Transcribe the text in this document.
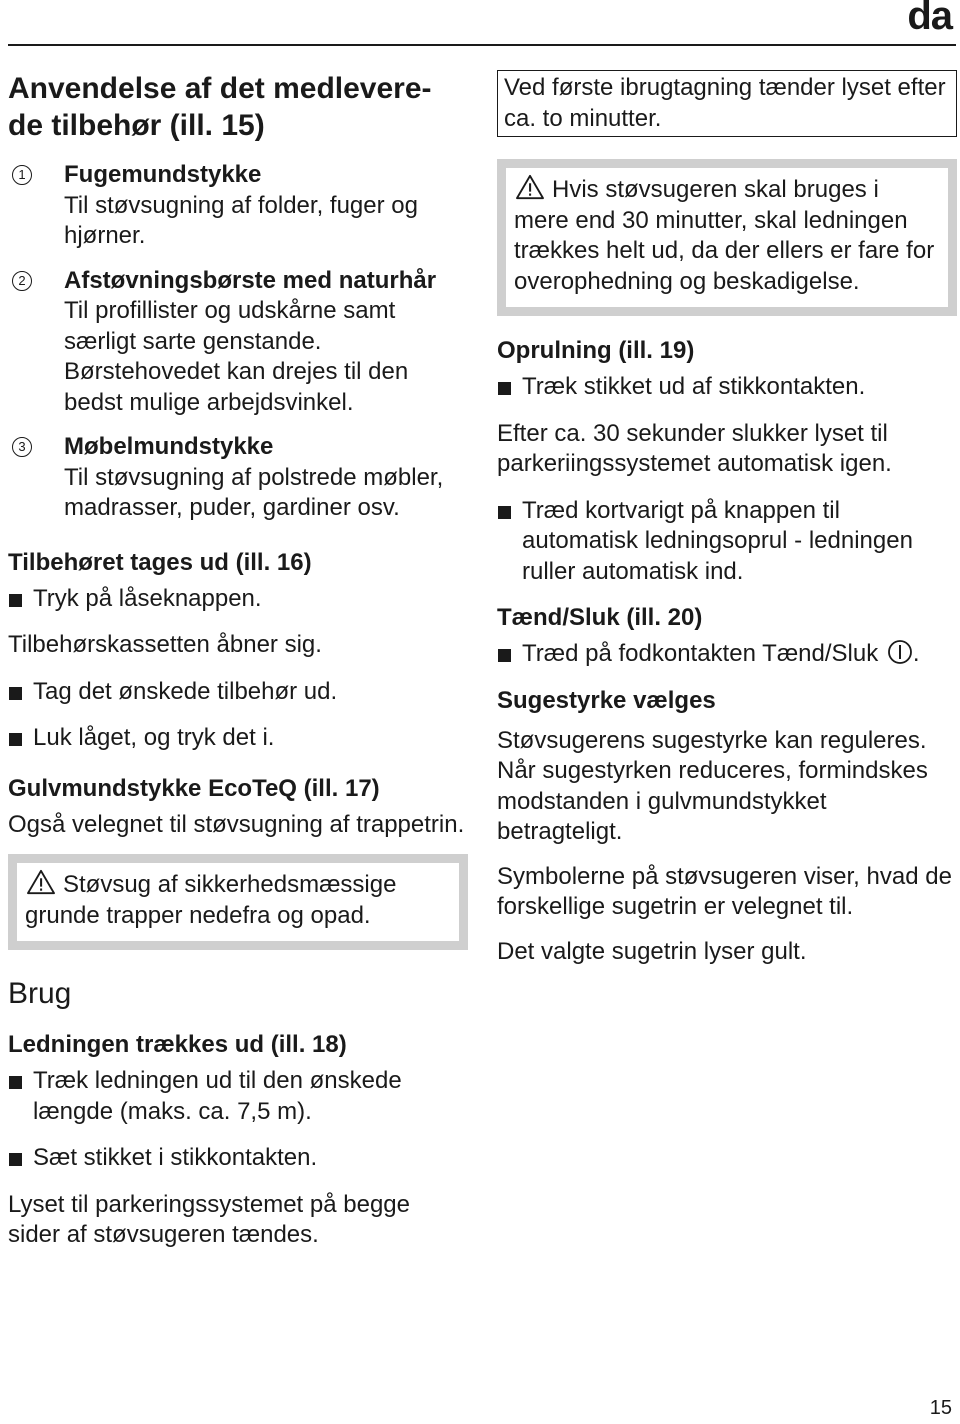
da
Anvendelse af det medlevere-
de tilbehør (ill. 15)
1 Fugemundstykke
Til støvsugning af folder, fuger og hjørner.
2 Afstøvningsbørste med naturhår
Til profillister og udskårne samt særligt sarte genstande. Børstehovedet kan drejes til den bedst mulige arbejdsvinkel.
3 Møbelmundstykke
Til støvsugning af polstrede møbler, madrasser, puder, gardiner osv.
Tilbehøret tages ud (ill. 16)
Tryk på låseknappen.
Tilbehørskassetten åbner sig.
Tag det ønskede tilbehør ud.
Luk låget, og tryk det i.
Gulvmundstykke EcoTeQ (ill. 17)
Også velegnet til støvsugning af trappetrin.
Støvsug af sikkerhedsmæssige grunde trapper nedefra og opad.
Brug
Ledningen trækkes ud (ill. 18)
Træk ledningen ud til den ønskede længde (maks. ca. 7,5 m).
Sæt stikket i stikkontakten.
Lyset til parkeringssystemet på begge sider af støvsugeren tændes.
Ved første ibrugtagning tænder lyset efter ca. to minutter.
Hvis støvsugeren skal bruges i mere end 30 minutter, skal ledningen trækkes helt ud, da der ellers er fare for overophedning og beskadigelse.
Oprulning (ill. 19)
Træk stikket ud af stikkontakten.
Efter ca. 30 sekunder slukker lyset til parkeriingssystemet automatisk igen.
Træd kortvarigt på knappen til automatisk ledningsoprul - ledningen ruller automatisk ind.
Tænd/Sluk (ill. 20)
Træd på fodkontakten Tænd/Sluk .
Sugestyrke vælges
Støvsugerens sugestyrke kan reguleres. Når sugestyrken reduceres, formindskes modstanden i gulvmundstykket betragteligt.
Symbolerne på støvsugeren viser, hvad de forskellige sugetrin er velegnet til.
Det valgte sugetrin lyser gult.
15
